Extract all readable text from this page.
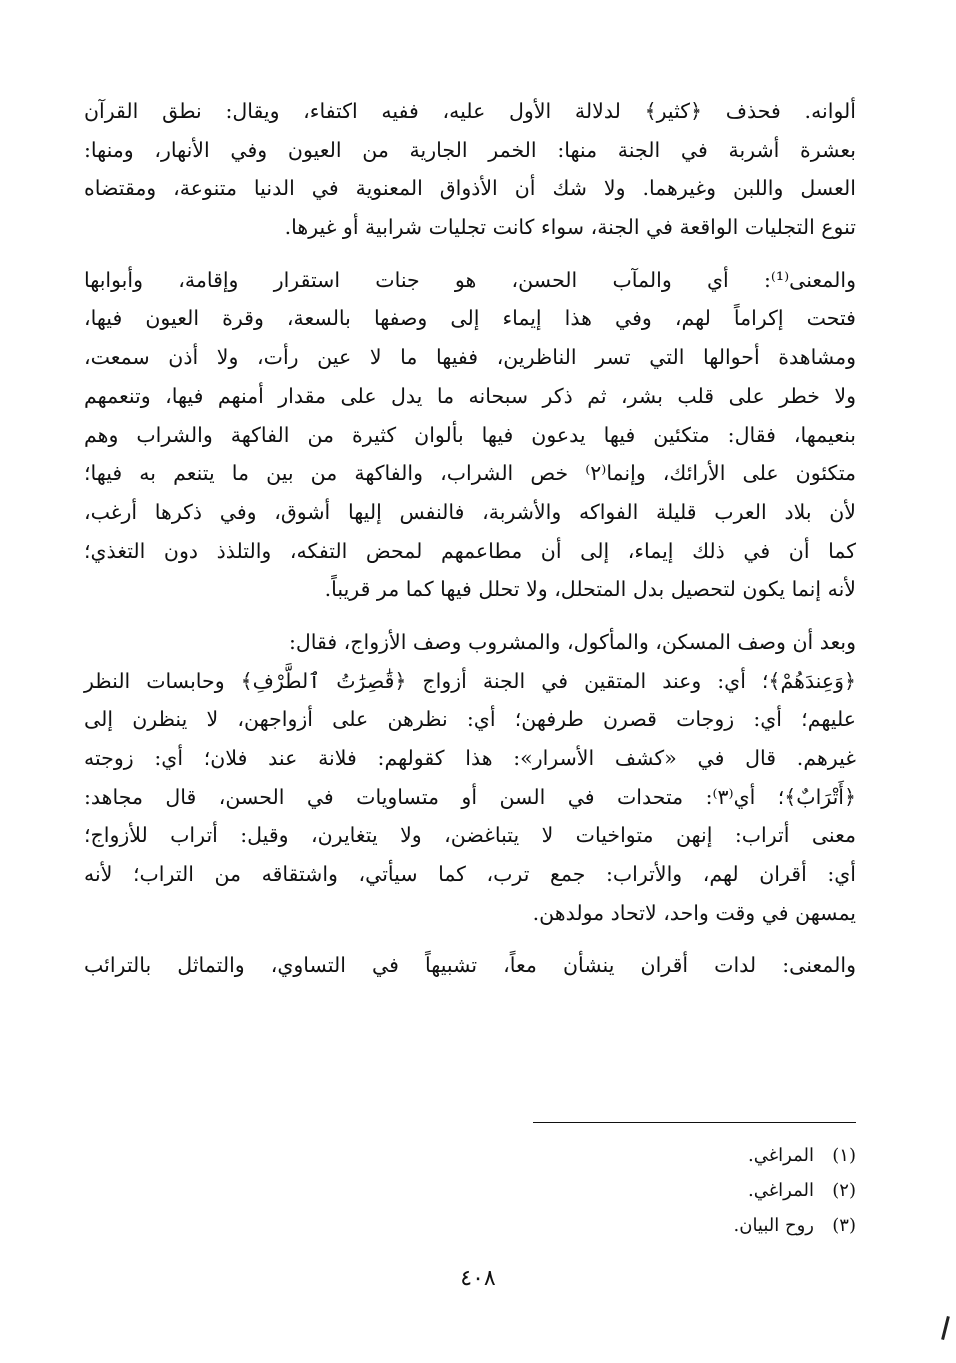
ألوانه. فحذف ﴿كثير﴾ لدلالة الأول عليه، ففيه اكتفاء، ويقال: نطق القرآن
بعشرة أشربة في الجنة منها: الخمر الجارية من العيون وفي الأنهار، ومنها:
العسل واللبن وغيرهما. ولا شك أن الأذواق المعنوية في الدنيا متنوعة، ومقتضاه
تنوع التجليات الواقعة في الجنة، سواء كانت تجليات شرابية أو غيرها.
والمعنى⁽¹⁾: أي والمآب الحسن، هو جنات استقرار وإقامة، وأبوابها
فتحت إكراماً لهم، وفي هذا إيماء إلى وصفها بالسعة، وقرة العيون فيها،
ومشاهدة أحوالها التي تسر الناظرين، ففيها ما لا عين رأت، ولا أذن سمعت،
ولا خطر على قلب بشر، ثم ذكر سبحانه ما يدل على مقدار أمنهم فيها، وتنعمهم
بنعيمها، فقال: متكئين فيها يدعون فيها بألوان كثيرة من الفاكهة والشراب وهم
متكئون على الأرائك، وإنما⁽٢⁾ خص الشراب، والفاكهة من بين ما يتنعم به فيها؛
لأن بلاد العرب قليلة الفواكه والأشربة، فالنفس إليها أشوق، وفي ذكرها أرغب،
كما أن في ذلك إيماء، إلى أن مطاعمهم لمحض التفكه، والتلذذ دون التغذي؛
لأنه إنما يكون لتحصيل بدل المتحلل، ولا تحلل فيها كما مر قريباً.
وبعد أن وصف المسكن، والمأكول، والمشروب وصف الأزواج، فقال:
﴿وَعِندَهُمْ﴾؛ أي: وعند المتقين في الجنة أزواج ﴿قَٰصِرَٰتُ ٱلطَّرْفِ﴾ وحابسات النظر
عليهم؛ أي: زوجات قصرن طرفهن؛ أي: نظرهن على أزواجهن، لا ينظرن إلى
غيرهم. قال في «كشف الأسرار»: هذا كقولهم: فلانة عند فلان؛ أي: زوجته
﴿أَتْرَابٌ﴾؛ أي⁽٣⁾: متحدات في السن أو متساويات في الحسن، قال مجاهد:
معنى أتراب: إنهن متواخيات لا يتباغضن، ولا يتغايرن، وقيل: أتراب للأزواج؛
أي: أقران لهم، والأتراب: جمع ترب، كما سيأتي، واشتقاقه من التراب؛ لأنه
يمسهن في وقت واحد، لاتحاد مولدهن.
والمعنى: لدات أقران ينشأن معاً، تشبيهاً في التساوي، والتماثل بالترائب
(١)المراغي.
(٢)المراغي.
(٣)روح البيان.
٤٠٨
